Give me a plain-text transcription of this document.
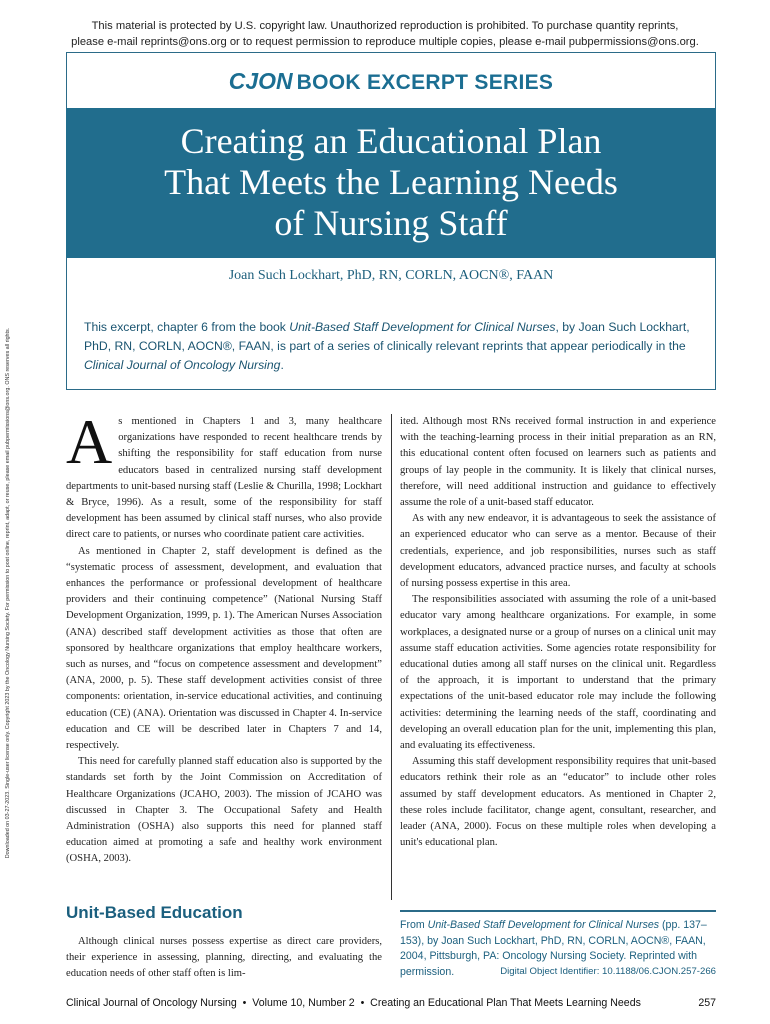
This material is protected by U.S. copyright law. Unauthorized reproduction is prohibited. To purchase quantity reprints,
please e-mail reprints@ons.org or to request permission to reproduce multiple copies, please e-mail pubpermissions@ons.org.
Downloaded on 03-27-2023. Single-user license only. Copyright 2023 by the Oncology Nursing Society. For permission to post online, reprint, adapt, or reuse, please email pubpermissions@ons.org. ONS reserves all rights.
CJON BOOK EXCERPT SERIES
Creating an Educational Plan
That Meets the Learning Needs
of Nursing Staff
Joan Such Lockhart, PhD, RN, CORLN, AOCN®, FAAN
This excerpt, chapter 6 from the book Unit-Based Staff Development for Clinical Nurses, by Joan Such Lockhart, PhD, RN, CORLN, AOCN®, FAAN, is part of a series of clinically relevant reprints that appear periodically in the Clinical Journal of Oncology Nursing.

As mentioned in Chapters 1 and 3, many healthcare organizations have responded to recent healthcare trends by shifting the responsibility for staff education from nurse educators based in centralized nursing staff development departments to unit-based nursing staff (Leslie & Churilla, 1998; Lockhart & Bryce, 1996). As a result, some of the responsibility for staff development has been assumed by clinical staff nurses, who also provide direct care to patients, or nurses who coordinate patient care activities.

As mentioned in Chapter 2, staff development is defined as the “systematic process of assessment, development, and evaluation that enhances the performance or professional development of healthcare providers and their continuing competence” (National Nursing Staff Development Organization, 1999, p. 1). The American Nurses Association (ANA) described staff development activities as those that often are sponsored by healthcare organizations that employ healthcare workers, such as nurses, and “focus on competence assessment and development” (ANA, 2000, p. 5). These staff development activities consist of three components: orientation, in-service educational activities, and continuing education (CE) (ANA). Orientation was discussed in Chapter 4. In-service education and CE will be described later in Chapters 7 and 14, respectively.

This need for carefully planned staff education also is supported by the standards set forth by the Joint Commission on Accreditation of Healthcare Organizations (JCAHO, 2003). The mission of JCAHO was discussed in Chapter 3. The Occupational Safety and Health Administration (OSHA) also supports this need for planned staff education aimed at promoting a safe and healthy work environment (OSHA, 2003).

ited. Although most RNs received formal instruction in and experience with the teaching-learning process in their initial preparation as an RN, this educational content often focused on learners such as patients and groups of lay people in the community. It is likely that clinical nurses, therefore, will need additional instruction and guidance to effectively assume the role of a unit-based staff educator.

As with any new endeavor, it is advantageous to seek the assistance of an experienced educator who can serve as a mentor. Because of their credentials, experience, and job responsibilities, nurses such as staff development educators, advanced practice nurses, and faculty at schools of nursing possess expertise in this area.

The responsibilities associated with assuming the role of a unit-based educator vary among healthcare organizations. For example, in some workplaces, a designated nurse or a group of nurses on a clinical unit may assume staff education activities. Some agencies rotate responsibility for educational duties among all staff nurses on the clinical unit. Regardless of the approach, it is important to understand that the primary expectations of the unit-based educator role may include the following activities: determining the learning needs of the staff, coordinating and developing an overall education plan for the unit, implementing this plan, and evaluating its effectiveness.

Assuming this staff development responsibility requires that unit-based educators rethink their role as an “educator” to include other roles assumed by staff development educators. As mentioned in Chapter 2, these roles include facilitator, change agent, consultant, researcher, and leader (ANA, 2000). Focus on these multiple roles when developing a unit's educational plan.

Unit-Based Education

Although clinical nurses possess expertise as direct care providers, their experience in assessing, planning, directing, and evaluating the education needs of other staff often is lim-

From Unit-Based Staff Development for Clinical Nurses (pp. 137–153), by Joan Such Lockhart, PhD, RN, CORLN, AOCN®, FAAN, 2004, Pittsburgh, PA: Oncology Nursing Society. Reprinted with permission.	Digital Object Identifier: 10.1188/06.CJON.257-266
Clinical Journal of Oncology Nursing  •  Volume 10, Number 2  •  Creating an Educational Plan That Meets Learning Needs	257
